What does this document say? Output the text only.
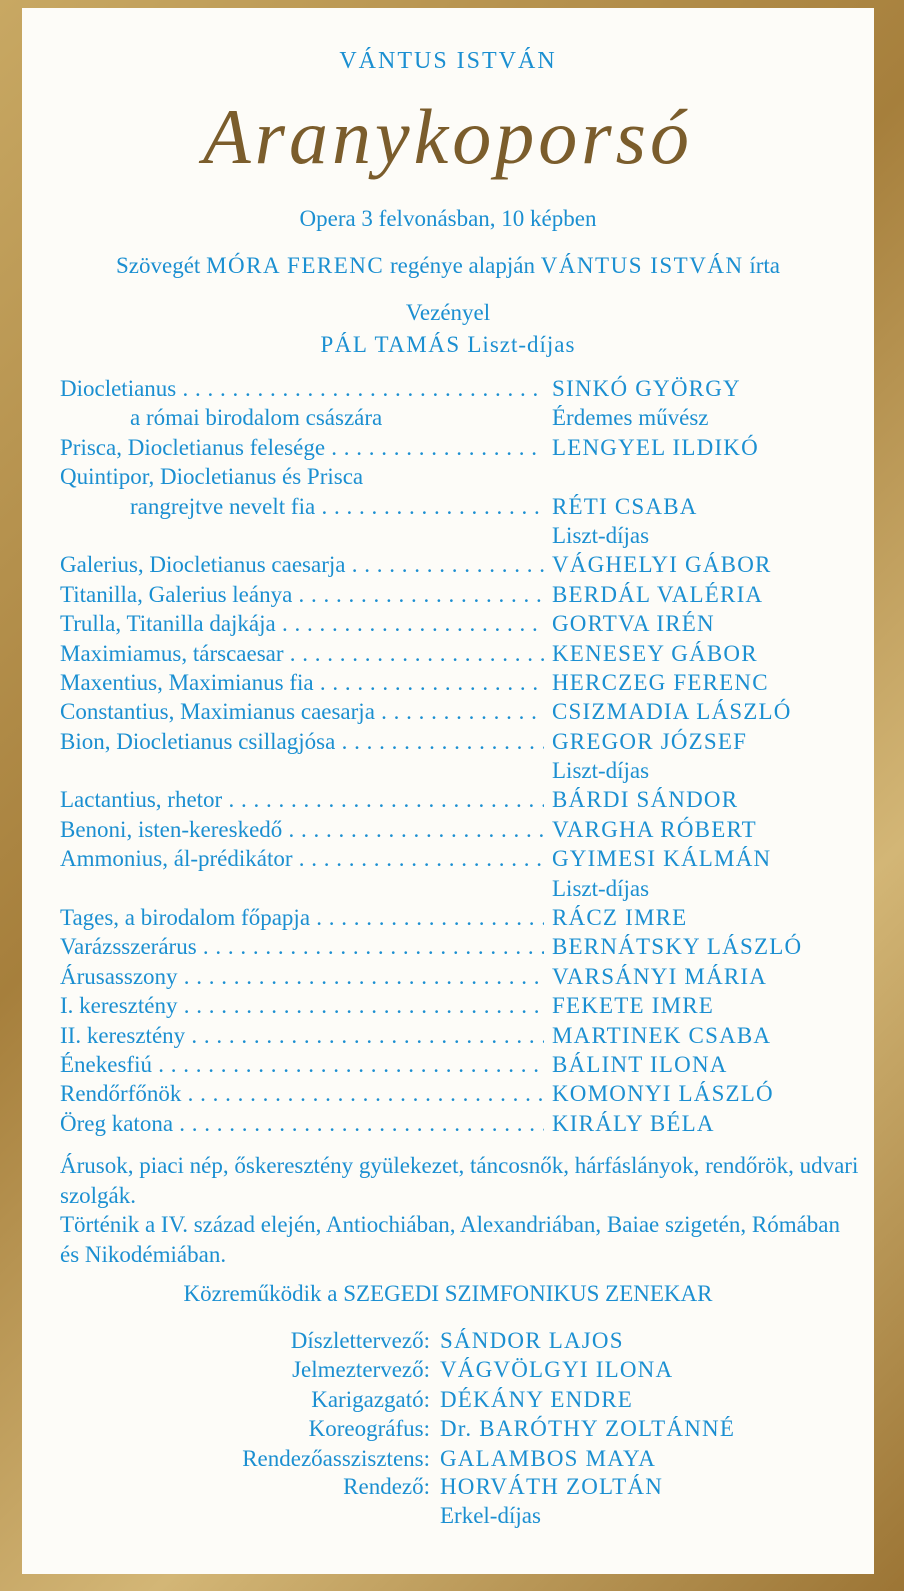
VÁNTUS ISTVÁN
Aranykoporsó
Opera 3 felvonásban, 10 képben
Szövegét MÓRA FERENC regénye alapján VÁNTUS ISTVÁN írta
Vezényel
PÁL TAMÁS Liszt-díjas
Diocletianus . . .	SINKÓ GYÖRGY
a római birodalom császára	Érdemes művész
Prisca, Diocletianus felesége . . .	LENGYEL ILDIKÓ
Quintipor, Diocletianus és Prisca
rangrejtve nevelt fia . . .	RÉTI CSABA
Liszt-díjas
Galerius, Diocletianus caesarja . . .	VÁGHELYI GÁBOR
Titanilla, Galerius leánya . . .	BERDÁL VALÉRIA
Trulla, Titanilla dajkája . . .	GORTVA IRÉN
Maximiamus, társcaesar . . .	KENESEY GÁBOR
Maxentius, Maximianus fia . . .	HERCZEG FERENC
Constantius, Maximianus caesarja . . .	CSIZMADIA LÁSZLÓ
Bion, Diocletianus csillagjósa . . .	GREGOR JÓZSEF
Liszt-díjas
Lactantius, rhetor . . .	BÁRDI SÁNDOR
Benoni, isten-kereskedő . . .	VARGHA RÓBERT
Ammonius, ál-prédikátor . . .	GYIMESI KÁLMÁN
Liszt-díjas
Tages, a birodalom főpapja . . .	RÁCZ IMRE
Varázsszerárus . . .	BERNÁTSKY LÁSZLÓ
Árusasszony . . .	VARSÁNYI MÁRIA
I. keresztény . . .	FEKETE IMRE
II. keresztény . . .	MARTINEK CSABA
Énekesfiú . . .	BÁLINT ILONA
Rendőrfőnök . . .	KOMONYI LÁSZLÓ
Öreg katona . . .	KIRÁLY BÉLA
Árusok, piaci nép, őskeresztény gyülekezet, táncosnők, hárfáslányok, rendőrök, udvari szolgák.
Történik a IV. század elején, Antiochiában, Alexandriában, Baiae szigetén, Rómában és Nikodémiában.
Közreműködik a SZEGEDI SZIMFONIKUS ZENEKAR
Díszlettervező: SÁNDOR LAJOS
Jelmeztervező: VÁGVÖLGYI ILONA
Karigazgató: DÉKÁNY ENDRE
Koreográfus: Dr. BARÓTHY ZOLTÁNNÉ
Rendezőasszisztens: GALAMBOS MAYA
Rendező: HORVÁTH ZOLTÁN
Erkel-díjas
